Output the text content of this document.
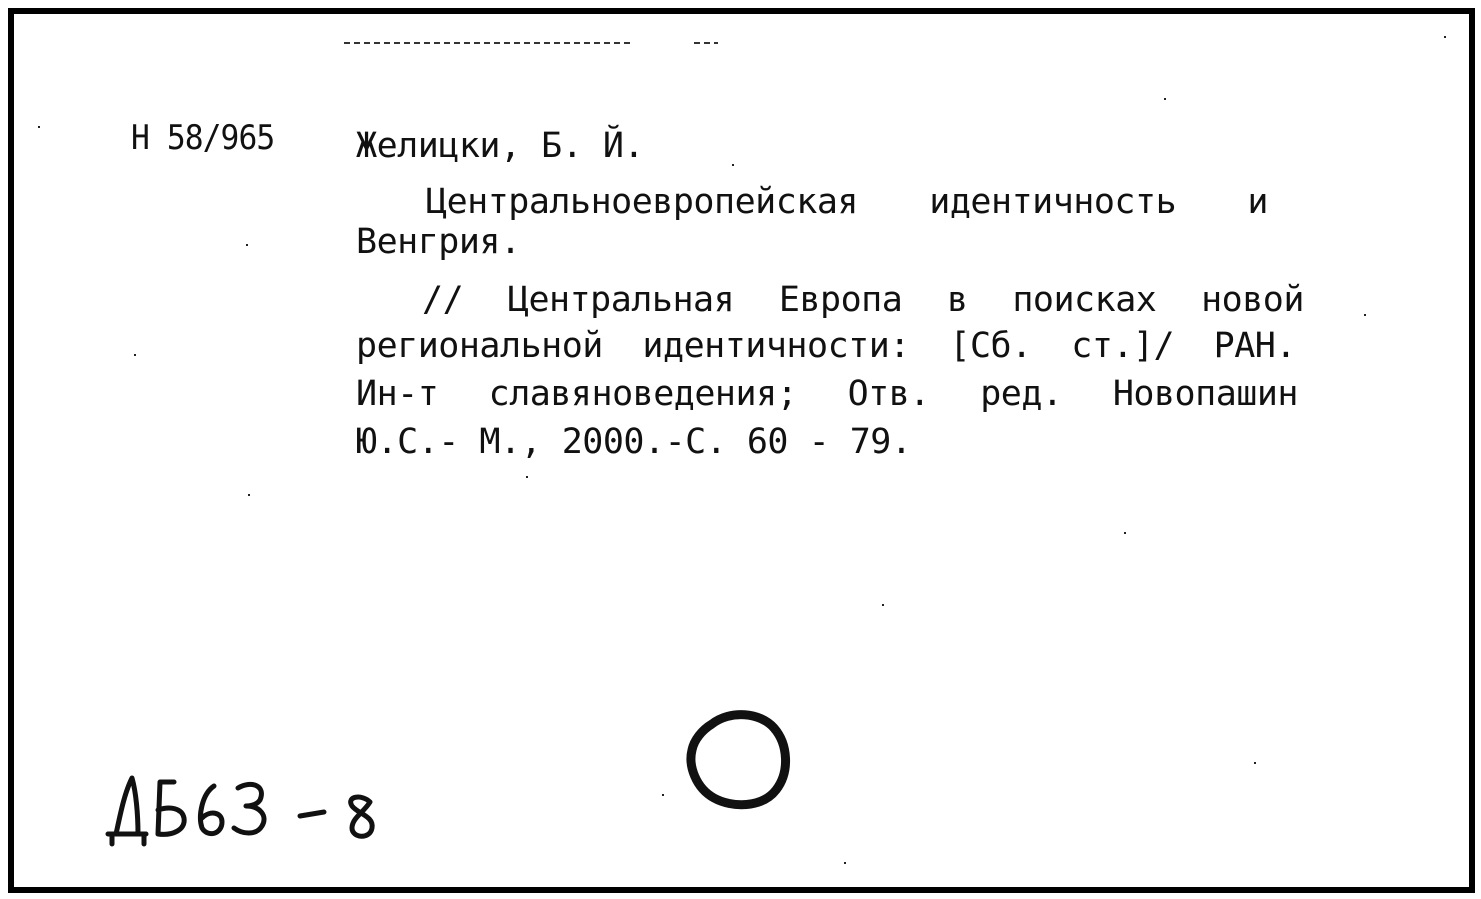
Н 58/965 Желицки, Б. Й.
Центральноевропейская идентичность и
Венгрия.
// Центральная Европа в поисках новой
региональной идентичности: [Сб. ст.]/ РАН.
Ин-т славяноведения; Отв. ред. Новопашин
Ю.С.- М., 2000.-С. 60 - 79.
